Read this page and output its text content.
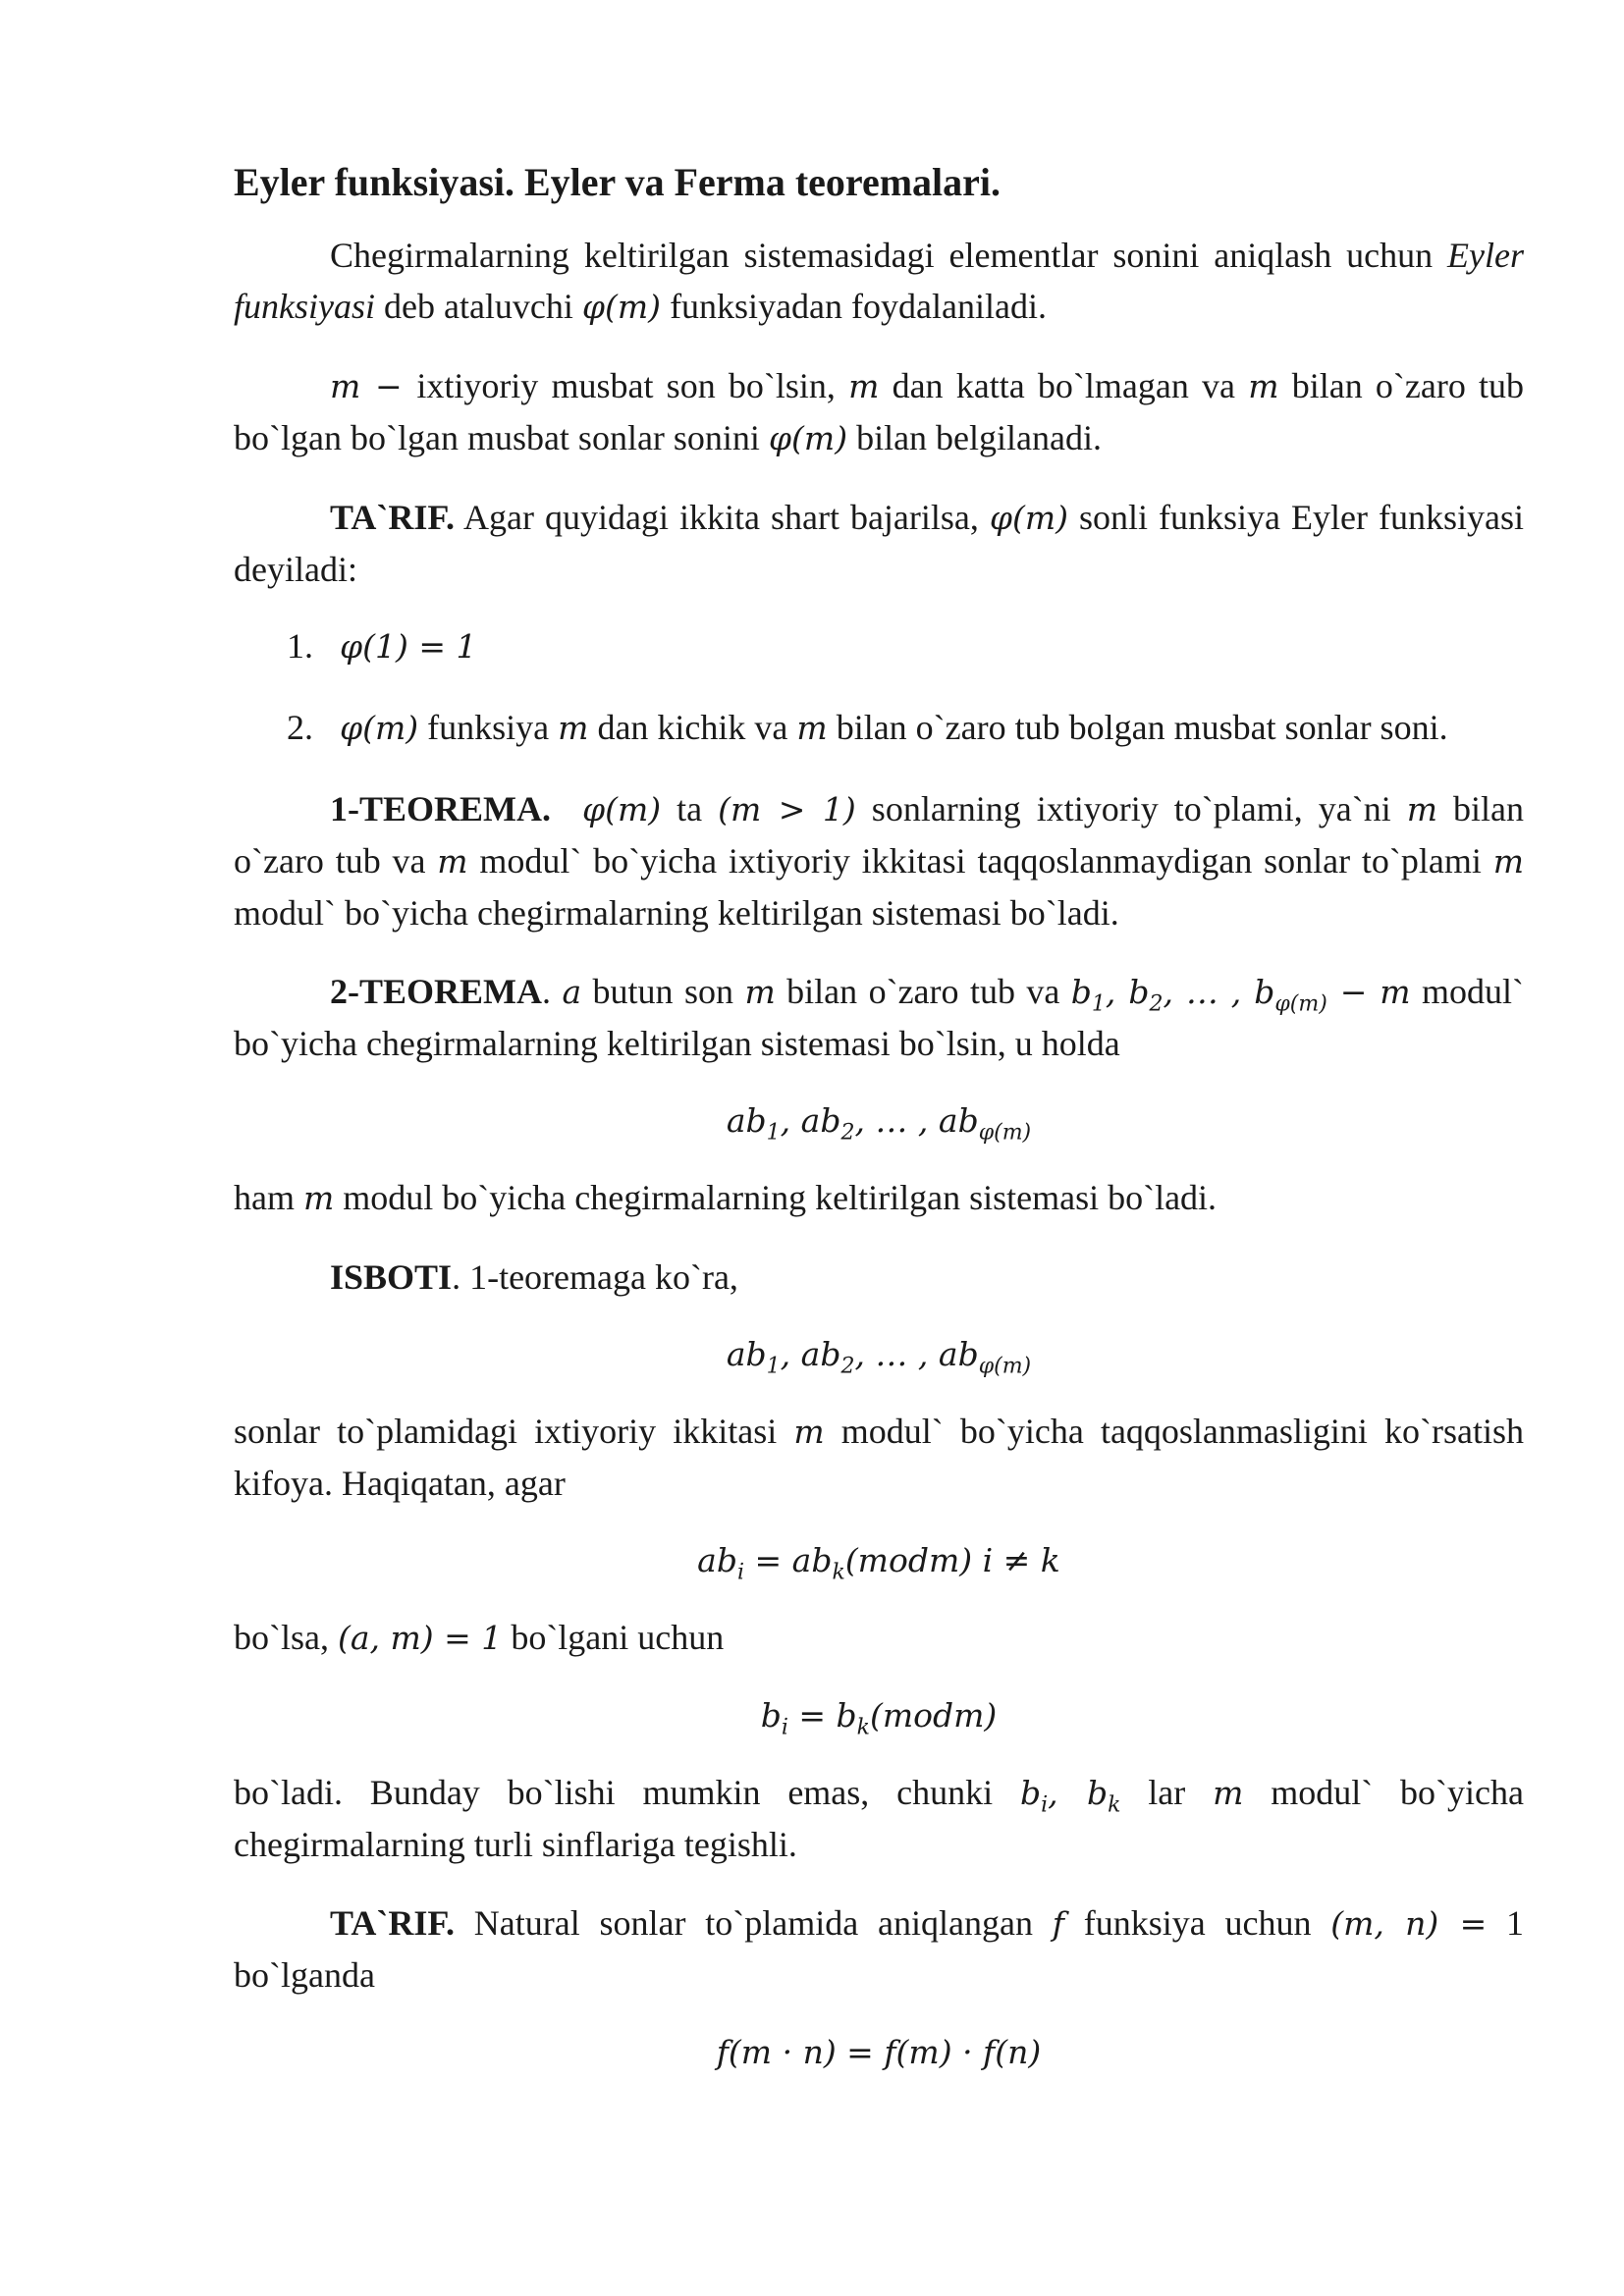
Eyler funksiyasi. Eyler va Ferma teoremalari.

Chegirmalarning keltirilgan sistemasidagi elementlar sonini aniqlash uchun Eyler funksiyasi deb ataluvchi φ(m) funksiyadan foydalaniladi.

m − ixtiyoriy musbat son bo`lsin, m dan katta bo`lmagan va m bilan o`zaro tub bo`lgan bo`lgan musbat sonlar sonini φ(m) bilan belgilanadi.

TA`RIF. Agar quyidagi ikkita shart bajarilsa, φ(m) sonli funksiya Eyler funksiyasi deyiladi:

1. φ(1) = 1
2. φ(m) funksiya m dan kichik va m bilan o`zaro tub bolgan musbat sonlar soni.

1-TEOREMA. φ(m) ta (m > 1) sonlarning ixtiyoriy to`plami, ya`ni m bilan o`zaro tub va m modul` bo`yicha ixtiyoriy ikkitasi taqqoslanmaydigan sonlar to`plami m modul` bo`yicha chegirmalarning keltirilgan sistemasi bo`ladi.

2-TEOREMA. a butun son m bilan o`zaro tub va $b_1$, $b_2$, … , $b_{\varphi(m)} - m$ modul` bo`yicha chegirmalarning keltirilgan sistemasi bo`lsin, u holda

$ab_1$, $ab_2$, … , $ab_{\varphi(m)}$

ham m modul bo`yicha chegirmalarning keltirilgan sistemasi bo`ladi.

ISBOTI. 1-teoremaga ko`ra,

$ab_1$, $ab_2$, … , $ab_{\varphi(m)}$

sonlar to`plamidagi ixtiyoriy ikkitasi m modul` bo`yicha taqqoslanmasligini ko`rsatish kifoya. Haqiqatan, agar

$ab_i$ = $ab_k(modm) i \ne k$

bo`lsa, (a, m) = 1 bo`lgani uchun

$b_i$ = $b_k(modm)$

bo`ladi. Bunday bo`lishi mumkin emas, chunki $b_i$, $b_k$ lar m modul` bo`yicha chegirmalarning turli sinflariga tegishli.

TA`RIF. Natural sonlar to`plamida aniqlangan f funksiya uchun (m, n) = 1 bo`lganda

f(m · n) = f(m) · f(n)
